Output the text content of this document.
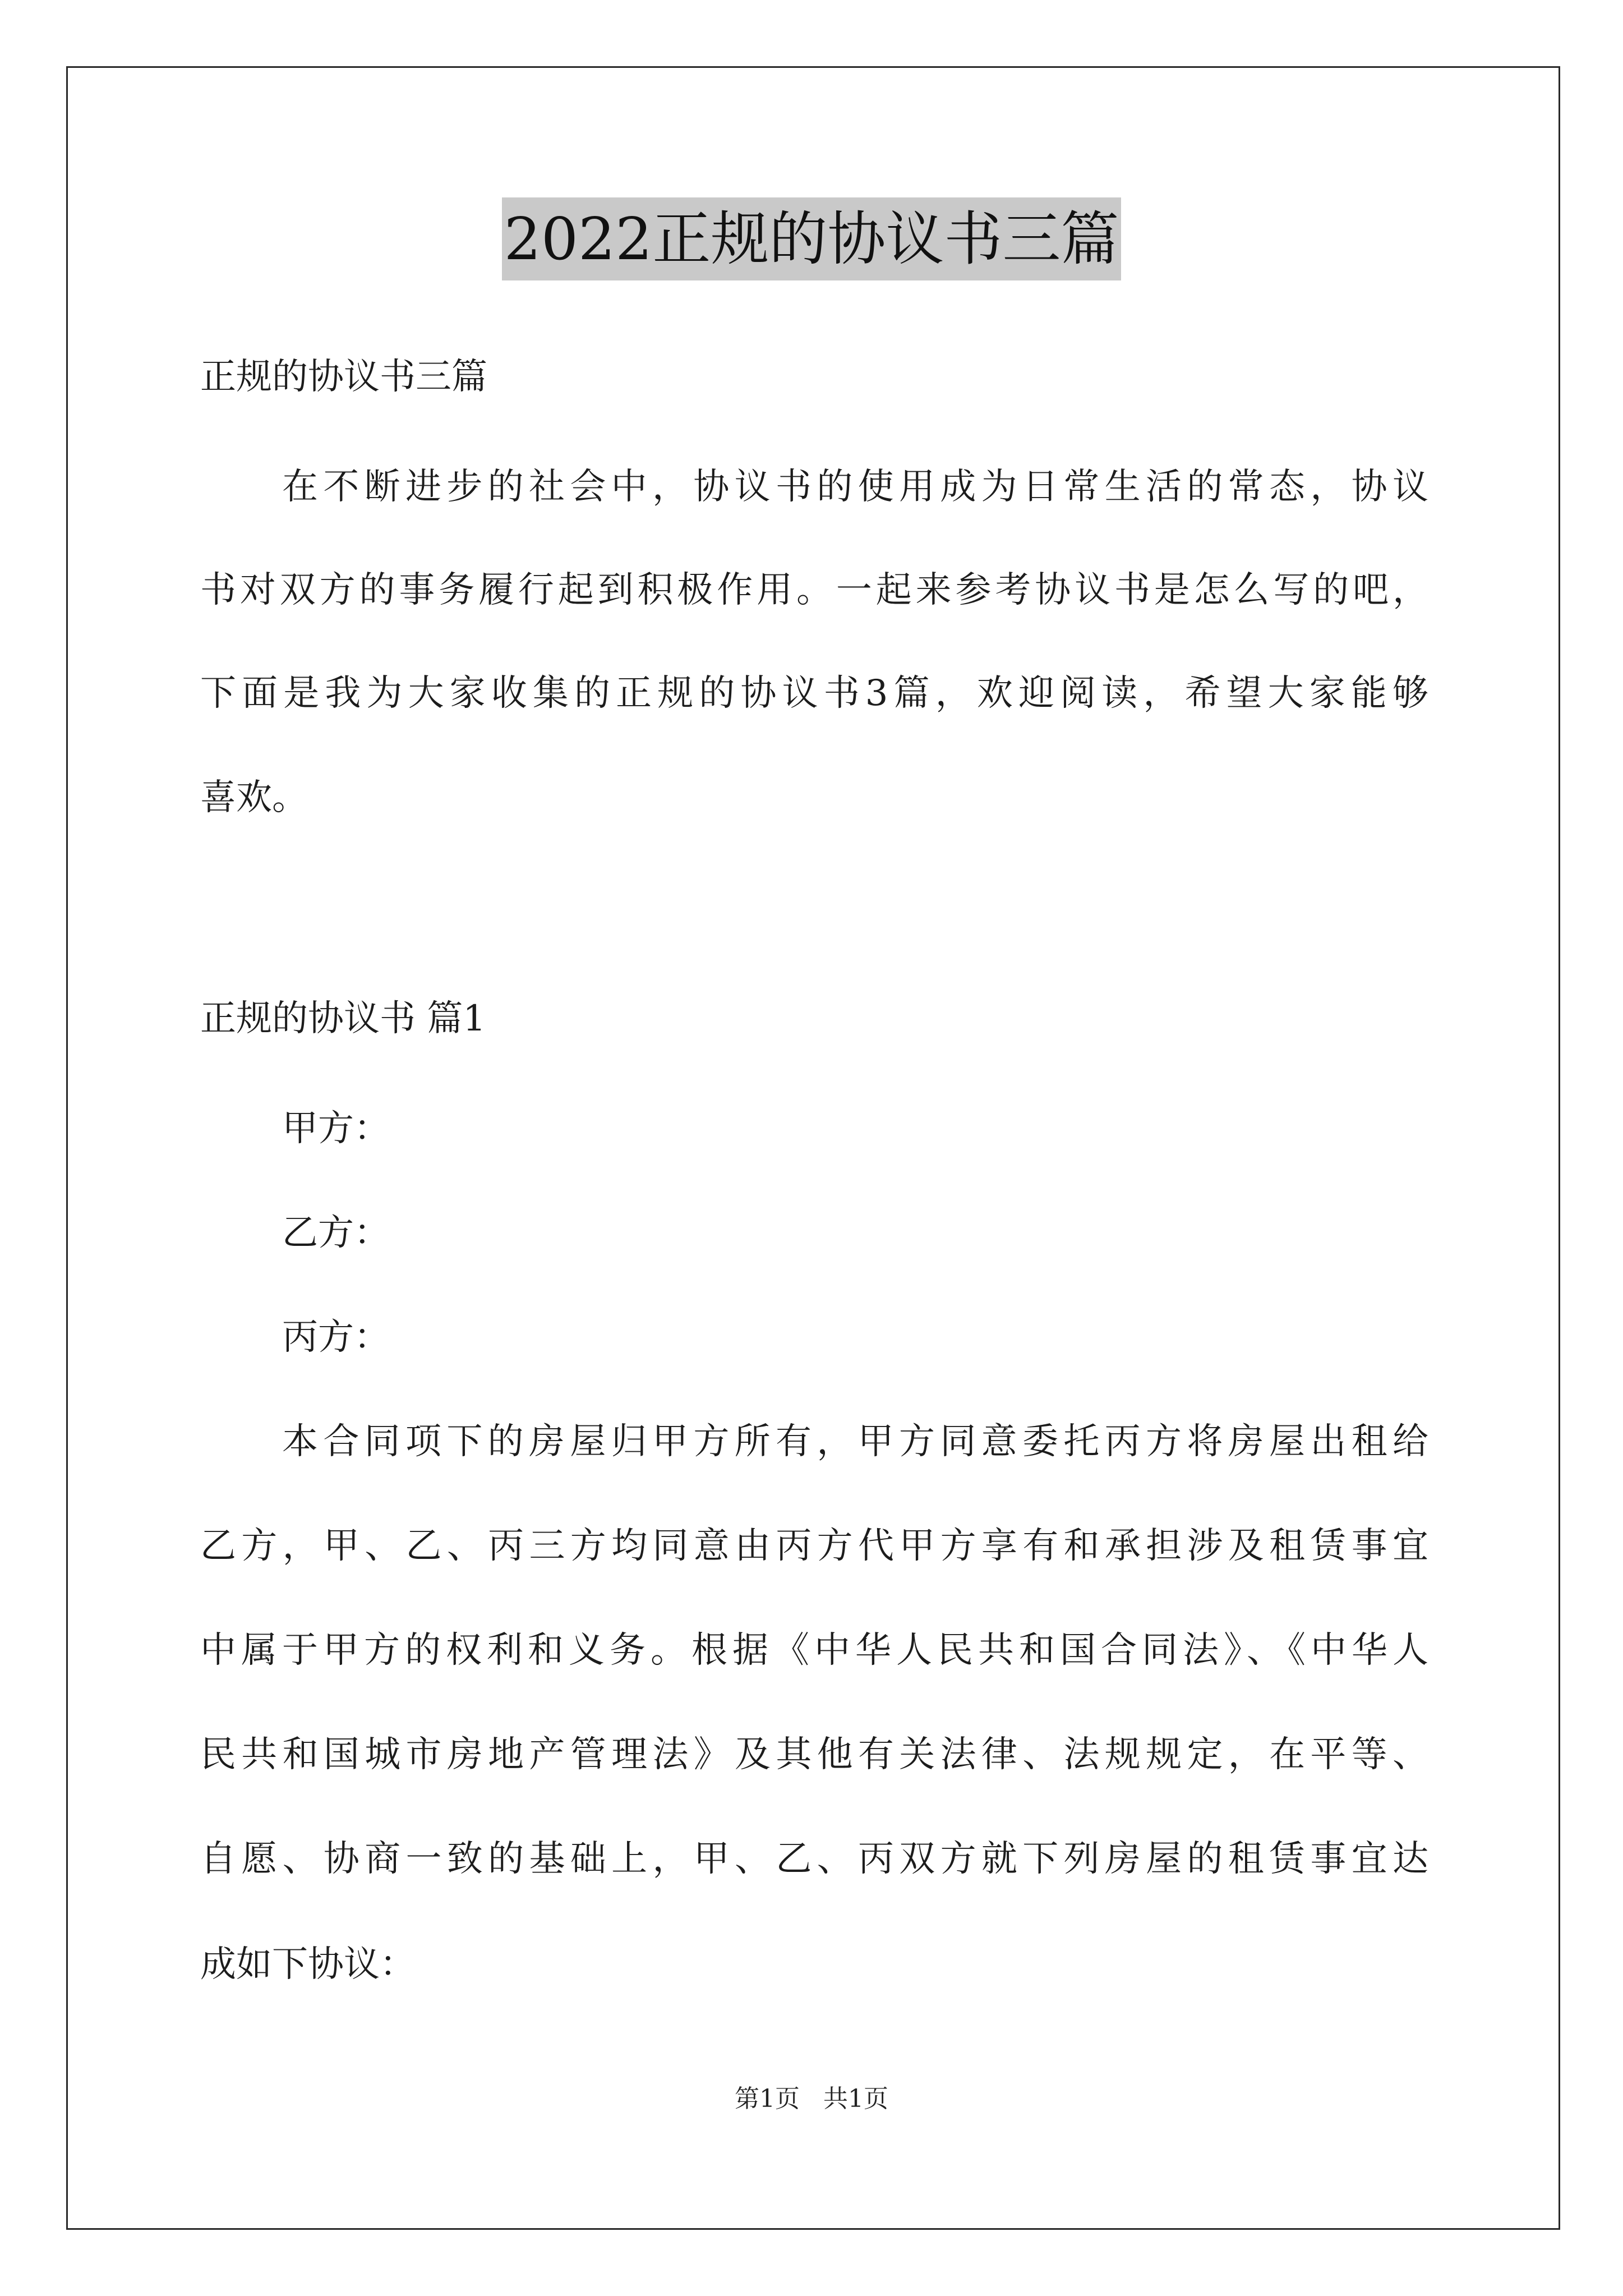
2022正规的协议书三篇
正规的协议书三篇
在不断进步的社会中，协议书的使用成为日常生活的常态，协议
书对双方的事务履行起到积极作用。一起来参考协议书是怎么写的吧，
下面是我为大家收集的正规的协议书3篇，欢迎阅读，希望大家能够
喜欢。
正规的协议书 篇1
甲方：
乙方：
丙方：
本合同项下的房屋归甲方所有，甲方同意委托丙方将房屋出租给
乙方，甲、乙、丙三方均同意由丙方代甲方享有和承担涉及租赁事宜
中属于甲方的权利和义务。根据《中华人民共和国合同法》、《中华人
民共和国城市房地产管理法》及其他有关法律、法规规定，在平等、
自愿、协商一致的基础上，甲、乙、丙双方就下列房屋的租赁事宜达
成如下协议：
第1页   共1页
